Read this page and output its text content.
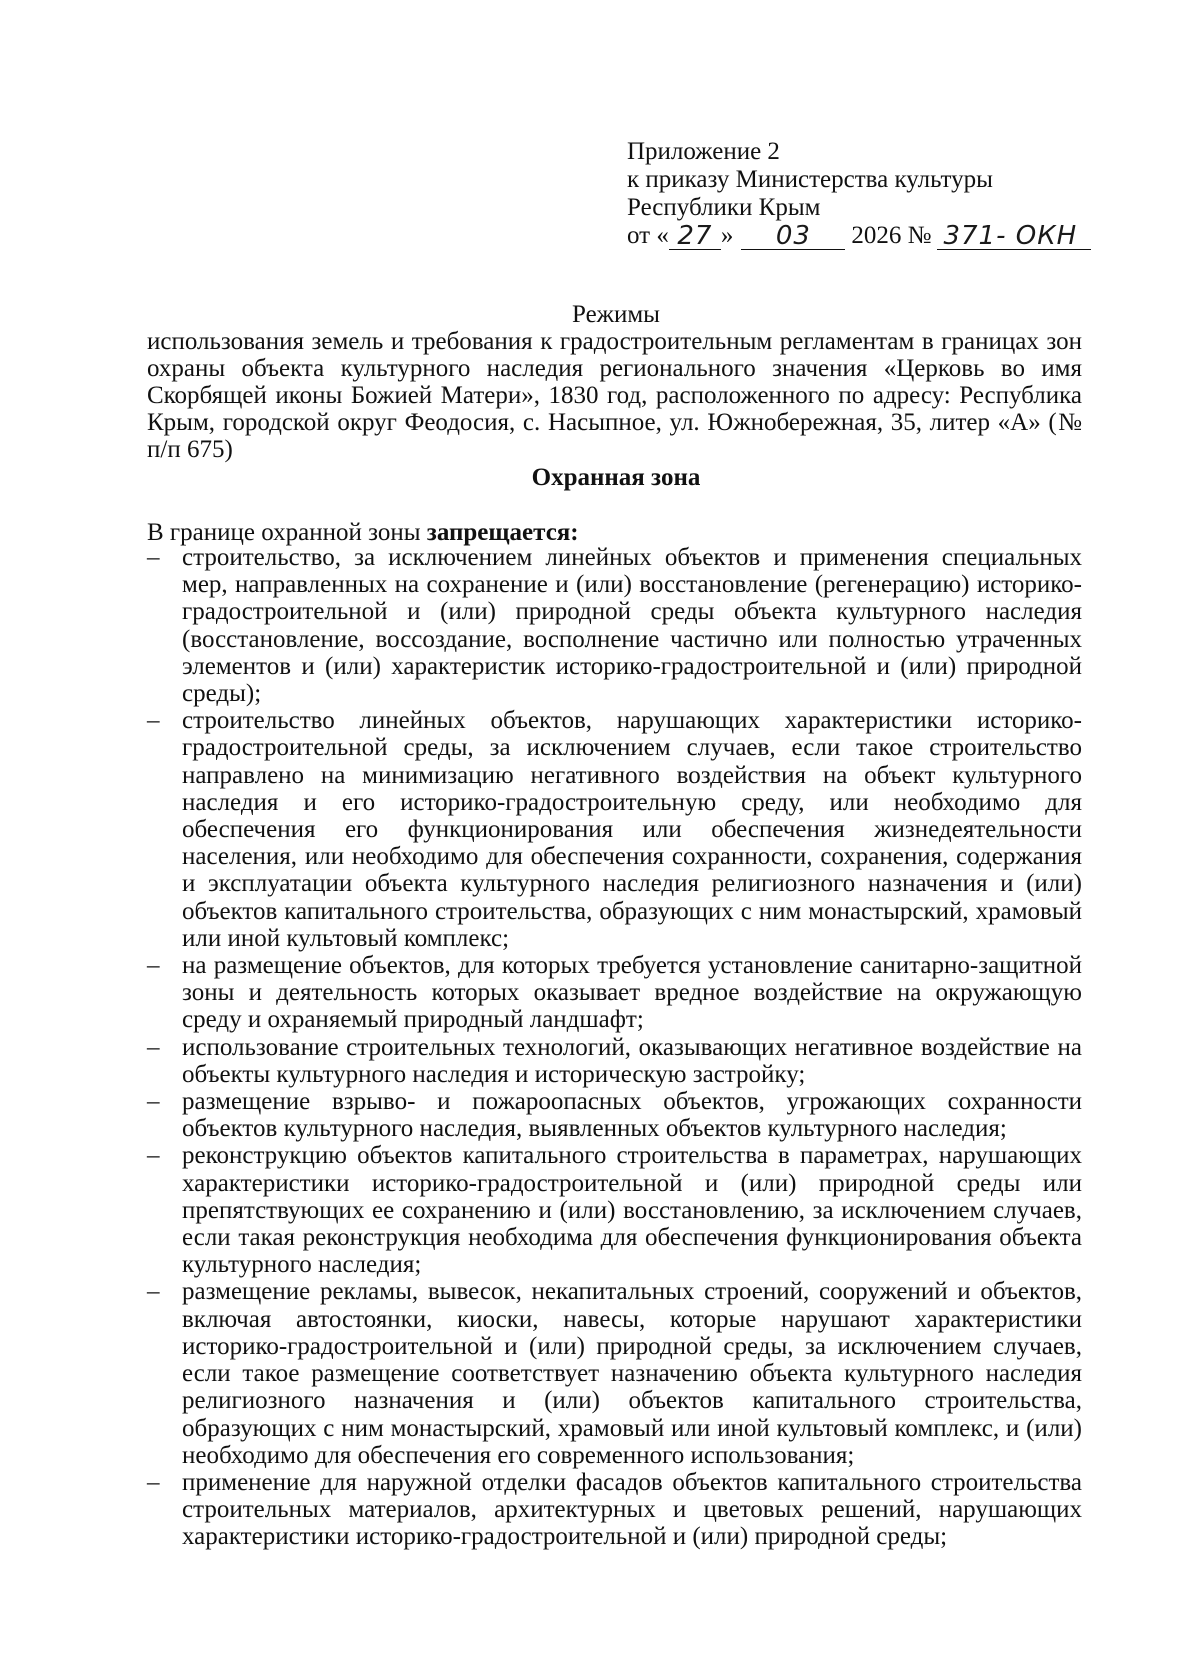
Приложение 2
к приказу Министерства культуры
Республики Крым
от « 27 »	03	2026 № 371- ОКН
Режимы
использования земель и требования к градостроительным регламентам в границах зон охраны объекта культурного наследия регионального значения «Церковь во имя Скорбящей иконы Божией Матери», 1830 год, расположенного по адресу: Республика Крым, городской округ Феодосия, с. Насыпное, ул. Южнобережная, 35, литер «А» (№ п/п 675)
Охранная зона
В границе охранной зоны запрещается:
– строительство, за исключением линейных объектов и применения специальных мер, направленных на сохранение и (или) восстановление (регенерацию) историко-градостроительной и (или) природной среды объекта культурного наследия (восстановление, воссоздание, восполнение частично или полностью утраченных элементов и (или) характеристик историко-градостроительной и (или) природной среды);
– строительство линейных объектов, нарушающих характеристики историко-градостроительной среды, за исключением случаев, если такое строительство направлено на минимизацию негативного воздействия на объект культурного наследия и его историко-градостроительную среду, или необходимо для обеспечения его функционирования или обеспечения жизнедеятельности населения, или необходимо для обеспечения сохранности, сохранения, содержания и эксплуатации объекта культурного наследия религиозного назначения и (или) объектов капитального строительства, образующих с ним монастырский, храмовый или иной культовый комплекс;
– на размещение объектов, для которых требуется установление санитарно-защитной зоны и деятельность которых оказывает вредное воздействие на окружающую среду и охраняемый природный ландшафт;
– использование строительных технологий, оказывающих негативное воздействие на объекты культурного наследия и историческую застройку;
– размещение взрыво- и пожароопасных объектов, угрожающих сохранности объектов культурного наследия, выявленных объектов культурного наследия;
– реконструкцию объектов капитального строительства в параметрах, нарушающих характеристики историко-градостроительной и (или) природной среды или препятствующих ее сохранению и (или) восстановлению, за исключением случаев, если такая реконструкция необходима для обеспечения функционирования объекта культурного наследия;
– размещение рекламы, вывесок, некапитальных строений, сооружений и объектов, включая автостоянки, киоски, навесы, которые нарушают характеристики историко-градостроительной и (или) природной среды, за исключением случаев, если такое размещение соответствует назначению объекта культурного наследия религиозного назначения и (или) объектов капитального строительства, образующих с ним монастырский, храмовый или иной культовый комплекс, и (или) необходимо для обеспечения его современного использования;
– применение для наружной отделки фасадов объектов капитального строительства строительных материалов, архитектурных и цветовых решений, нарушающих характеристики историко-градостроительной и (или) природной среды;
